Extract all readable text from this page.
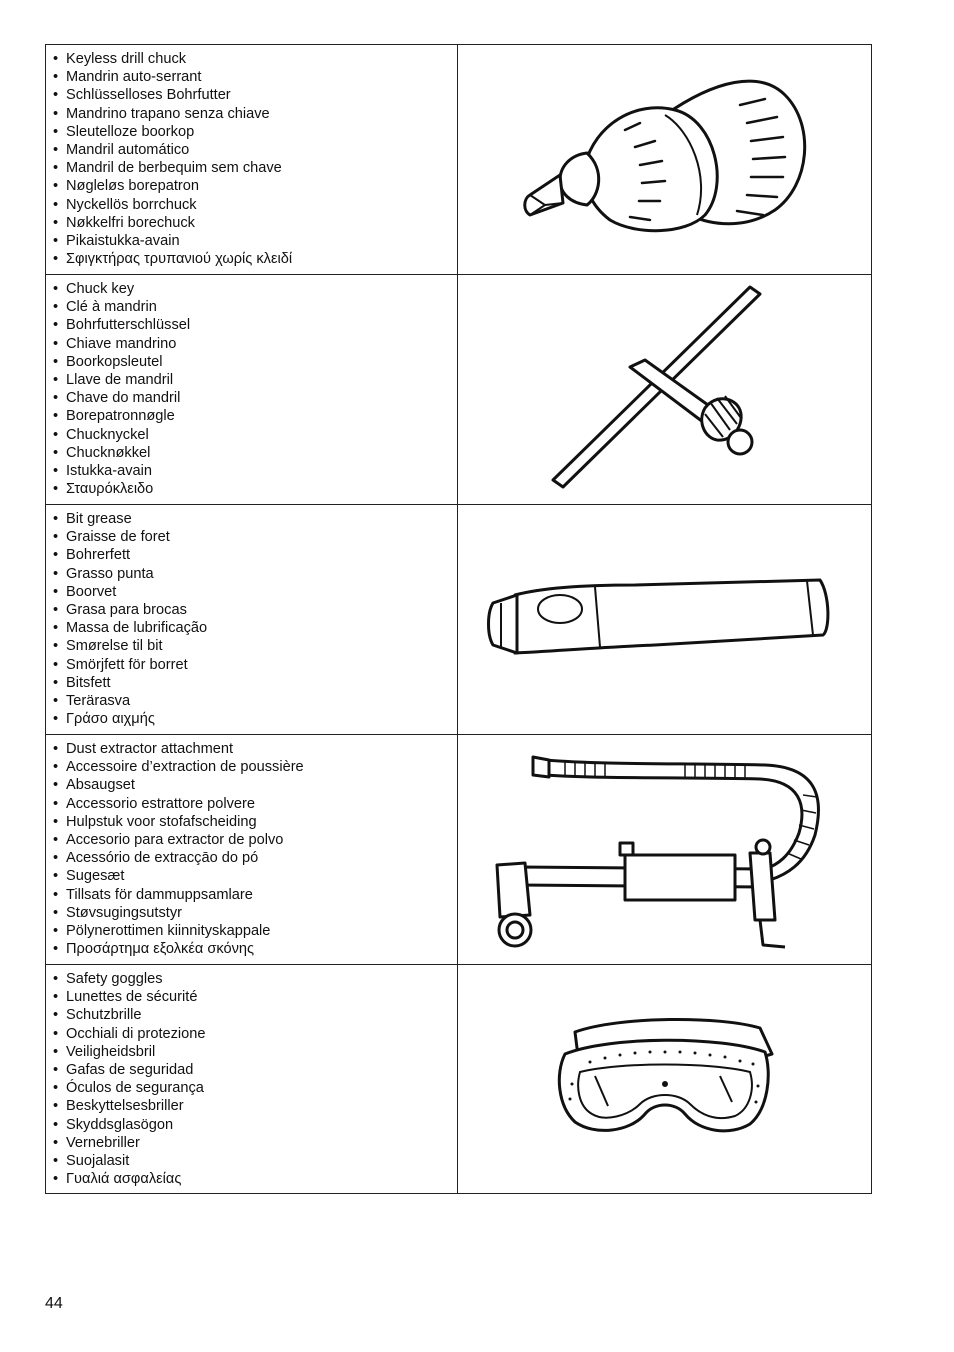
• Keyless drill chuck
• Mandrin auto-serrant
• Schlüsselloses Bohrfutter
• Mandrino trapano senza chiave
• Sleutelloze boorkop
• Mandril automático
• Mandril de berbequim sem chave
• Nøgleløs borepatron
• Nyckellös borrchuck
• Nøkkelfri borechuck
• Pikaistukka-avain
• Σφιγκτήρας τρυπανιού χωρίς κλειδί
• Chuck key
• Clé à mandrin
• Bohrfutterschlüssel
• Chiave mandrino
• Boorkopsleutel
• Llave de mandril
• Chave do mandril
• Borepatronnøgle
• Chucknyckel
• Chucknøkkel
• Istukka-avain
• Σταυρόκλειδο
• Bit grease
• Graisse de foret
• Bohrerfett
• Grasso punta
• Boorvet
• Grasa para brocas
• Massa de lubrificação
• Smørelse til bit
• Smörjfett för borret
• Bitsfett
• Terärasva
• Γράσο αιχμής
• Dust extractor attachment
• Accessoire d’extraction de poussière
• Absaugset
• Accessorio estrattore polvere
• Hulpstuk voor stofafscheiding
• Accesorio para extractor de polvo
• Acessório de extracçāo do pó
• Sugesæt
• Tillsats för dammuppsamlare
• Støvsugingsutstyr
• Pölynerottimen kiinnityskappale
• Προσάρτημα εξολκέα σκόνης
• Safety goggles
• Lunettes de sécurité
• Schutzbrille
• Occhiali di protezione
• Veiligheidsbril
• Gafas de seguridad
• Óculos de segurança
• Beskyttelsesbriller
• Skyddsglasögon
• Vernebriller
• Suojalasit
• Γυαλιά ασφαλείας
44
